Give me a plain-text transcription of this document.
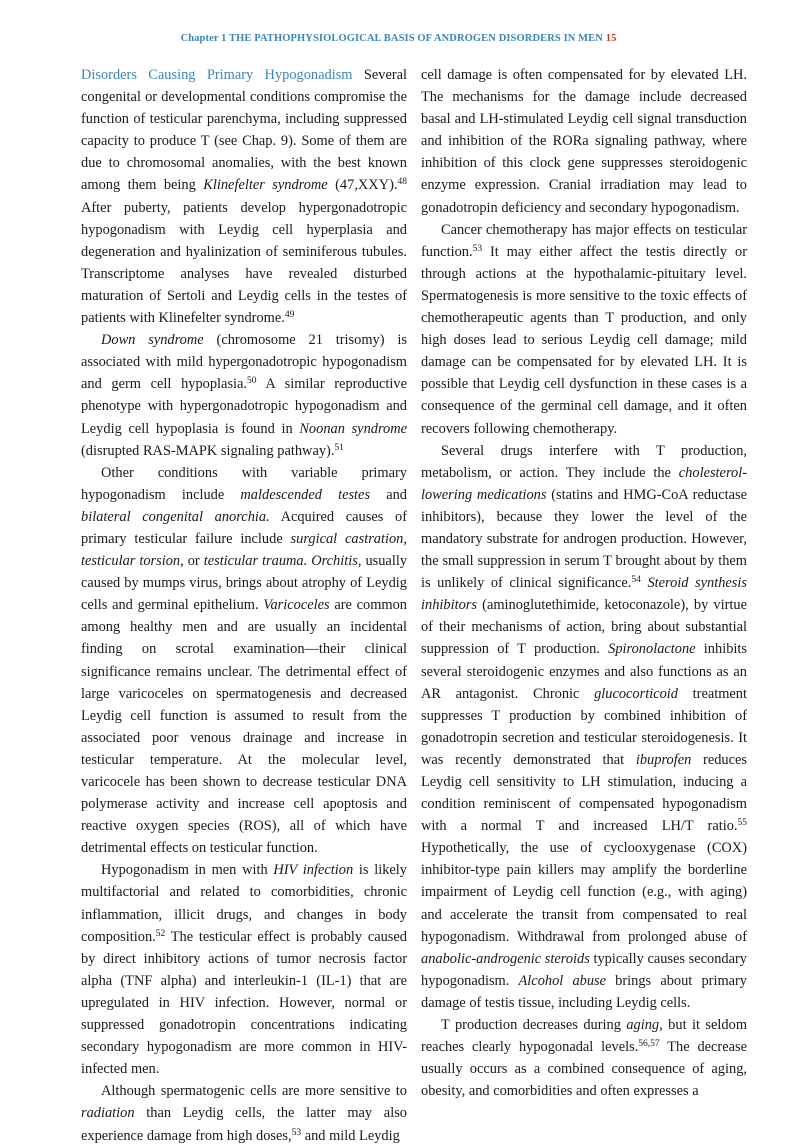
Chapter 1 THE PATHOPHYSIOLOGICAL BASIS OF ANDROGEN DISORDERS IN MEN 15

Disorders Causing Primary Hypogonadism Several congenital or developmental conditions compromise the function of testicular parenchyma, including suppressed capacity to produce T (see Chap. 9). Some of them are due to chromosomal anomalies, with the best known among them being Klinefelter syndrome (47,XXY).$^{48}$ After puberty, patients develop hypergonadotropic hypogonadism with Leydig cell hyperplasia and degeneration and hyalinization of seminiferous tubules. Transcriptome analyses have revealed disturbed maturation of Sertoli and Leydig cells in the testes of patients with Klinefelter syndrome.$^{49}$

Down syndrome (chromosome 21 trisomy) is associated with mild hypergonadotropic hypogonadism and germ cell hypoplasia.$^{50}$ A similar reproductive phenotype with hypergonadotropic hypogonadism and Leydig cell hypoplasia is found in Noonan syndrome (disrupted RAS-MAPK signaling pathway).$^{51}$

Other conditions with variable primary hypogonadism include maldescended testes and bilateral congenital anorchia. Acquired causes of primary testicular failure include surgical castration, testicular torsion, or testicular trauma. Orchitis, usually caused by mumps virus, brings about atrophy of Leydig cells and germinal epithelium. Varicoceles are common among healthy men and are usually an incidental finding on scrotal examination—their clinical significance remains unclear. The detrimental effect of large varicoceles on spermatogenesis and decreased Leydig cell function is assumed to result from the associated poor venous drainage and increase in testicular temperature. At the molecular level, varicocele has been shown to decrease testicular DNA polymerase activity and increase cell apoptosis and reactive oxygen species (ROS), all of which have detrimental effects on testicular function.

Hypogonadism in men with HIV infection is likely multifactorial and related to comorbidities, chronic inflammation, illicit drugs, and changes in body composition.$^{52}$ The testicular effect is probably caused by direct inhibitory actions of tumor necrosis factor alpha (TNF alpha) and interleukin-1 (IL-1) that are upregulated in HIV infection. However, normal or suppressed gonadotropin concentrations indicating secondary hypogonadism are more common in HIV-infected men.

Although spermatogenic cells are more sensitive to radiation than Leydig cells, the latter may also experience damage from high doses,$^{53}$ and mild Leydig

cell damage is often compensated for by elevated LH. The mechanisms for the damage include decreased basal and LH-stimulated Leydig cell signal transduction and inhibition of the RORa signaling pathway, where inhibition of this clock gene suppresses steroidogenic enzyme expression. Cranial irradiation may lead to gonadotropin deficiency and secondary hypogonadism.

Cancer chemotherapy has major effects on testicular function.$^{53}$ It may either affect the testis directly or through actions at the hypothalamic-pituitary level. Spermatogenesis is more sensitive to the toxic effects of chemotherapeutic agents than T production, and only high doses lead to serious Leydig cell damage; mild damage can be compensated for by elevated LH. It is possible that Leydig cell dysfunction in these cases is a consequence of the germinal cell damage, and it often recovers following chemotherapy.

Several drugs interfere with T production, metabolism, or action. They include the cholesterol-lowering medications (statins and HMG-CoA reductase inhibitors), because they lower the level of the mandatory substrate for androgen production. However, the small suppression in serum T brought about by them is unlikely of clinical significance.$^{54}$ Steroid synthesis inhibitors (aminoglutethimide, ketoconazole), by virtue of their mechanisms of action, bring about substantial suppression of T production. Spironolactone inhibits several steroidogenic enzymes and also functions as an AR antagonist. Chronic glucocorticoid treatment suppresses T production by combined inhibition of gonadotropin secretion and testicular steroidogenesis. It was recently demonstrated that ibuprofen reduces Leydig cell sensitivity to LH stimulation, inducing a condition reminiscent of compensated hypogonadism with a normal T and increased LH/T ratio.$^{55}$ Hypothetically, the use of cyclooxygenase (COX) inhibitor-type pain killers may amplify the borderline impairment of Leydig cell function (e.g., with aging) and accelerate the transit from compensated to real hypogonadism. Withdrawal from prolonged abuse of anabolic-androgenic steroids typically causes secondary hypogonadism. Alcohol abuse brings about primary damage of testis tissue, including Leydig cells.

T production decreases during aging, but it seldom reaches clearly hypogonadal levels.$^{56,57}$ The decrease usually occurs as a combined consequence of aging, obesity, and comorbidities and often expresses a
